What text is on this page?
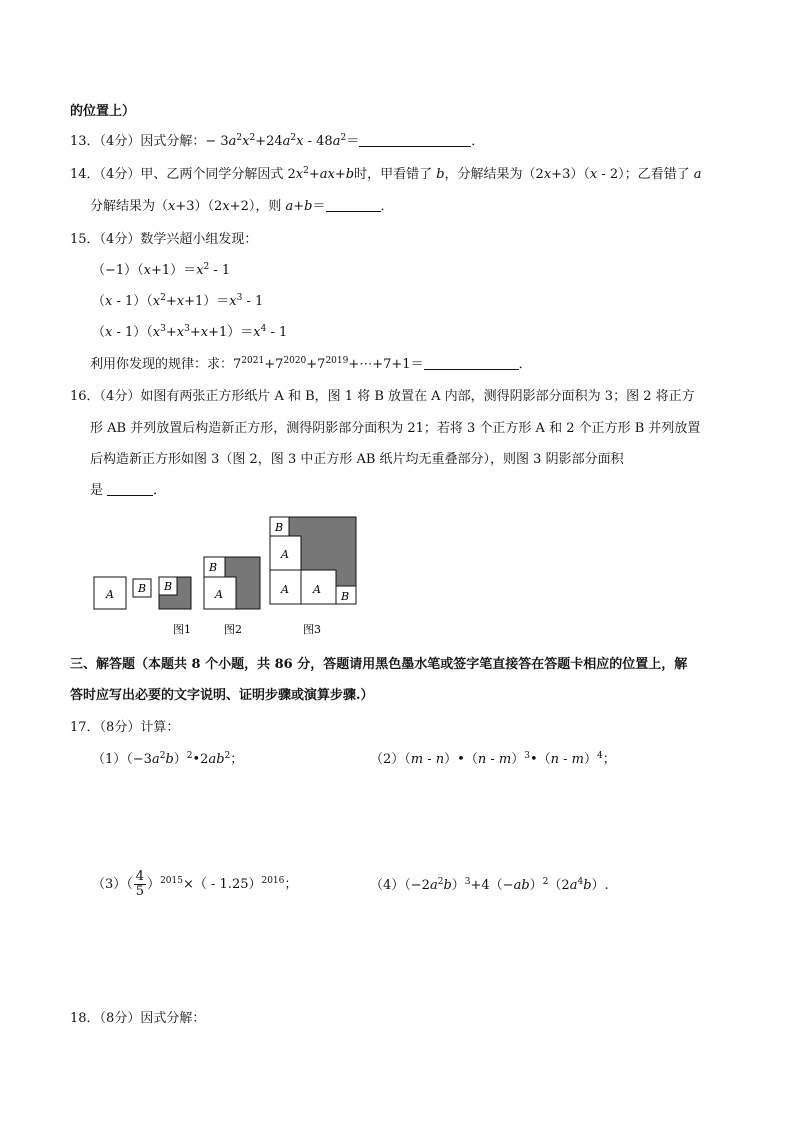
的位置上）
13．（4分）因式分解：− $3a^2x^2+24a^2x - 48a^2=$	．
14．（4分）甲、乙两个同学分解因式 $2x^2+ax+b$时，甲看错了 b，分解结果为（2x+3）（x - 2）；乙看错了 a
分解结果为（x+3）（2x+2），则 a+b＝	．
15．（4分）数学兴超小组发现：
$(-1)(x+1)=x^2 - 1$
$(x - 1)(x^2+x+1)=x^3 - 1$
$(x - 1)(x^3+x^3+x+1)=x^4 - 1$
利用你发现的规律：求：$7^{2021}+7^{2020}+7^{2019}+\cdots+7+1=$	．
16．（4分）如图有两张正方形纸片 A 和 B，图 1 将 B 放置在 A 内部，测得阴影部分面积为 3；图 2 将正方
形 AB 并列放置后构造新正方形，测得阴影部分面积为 21；若将 3 个正方形 A 和 2 个正方形 B 并列放置
后构造新正方形如图 3（图 2，图 3 中正方形 AB 纸片均无重叠部分），则图 3 阴影部分面积
是	．
A B B
图1
B
A
图2
B
A
A A
B
图3
三、解答题（本题共 8 个小题，共 86 分，答题请用黑色墨水笔或签字笔直接答在答题卡相应的位置上，解
答时应写出必要的文字说明、证明步骤或演算步骤.）
17．（8分）计算：
$(1)(-3a^2b)^2•2ab^2$；	（2）（m - n）•（n - m）$^3$•（n - m）$^4$；
$(3)( \frac{4}{5} )^{2015}\times( - 1.25)^{2016}$；	$(4)(-2a^2b)^3+4(-ab)^2(2a^4b)$.
18．（8分）因式分解：
